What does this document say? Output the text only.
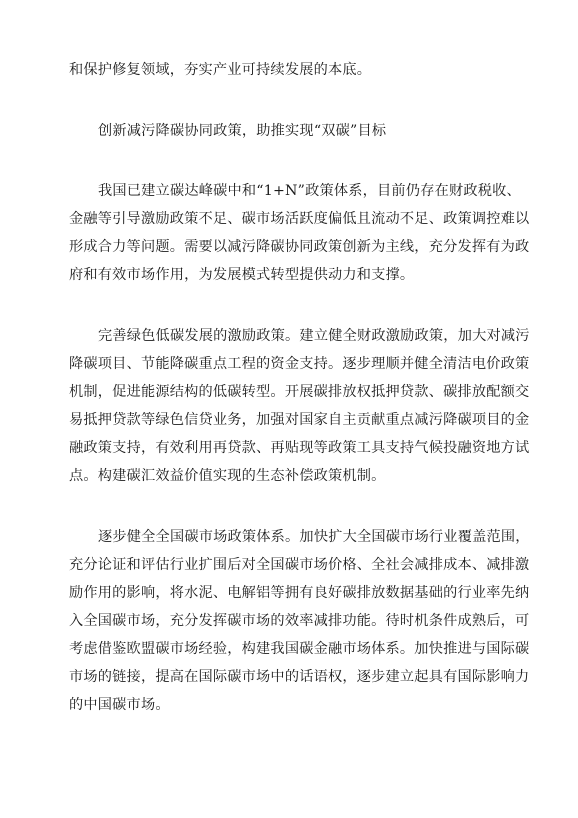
和保护修复领域，夯实产业可持续发展的本底。
创新减污降碳协同政策，助推实现“双碳”目标
我国已建立碳达峰碳中和“1+N”政策体系，目前仍存在财政税收、
金融等引导激励政策不足、碳市场活跃度偏低且流动不足、政策调控难以
形成合力等问题。需要以减污降碳协同政策创新为主线，充分发挥有为政
府和有效市场作用，为发展模式转型提供动力和支撑。
完善绿色低碳发展的激励政策。建立健全财政激励政策，加大对减污
降碳项目、节能降碳重点工程的资金支持。逐步理顺并健全清洁电价政策
机制，促进能源结构的低碳转型。开展碳排放权抵押贷款、碳排放配额交
易抵押贷款等绿色信贷业务，加强对国家自主贡献重点减污降碳项目的金
融政策支持，有效利用再贷款、再贴现等政策工具支持气候投融资地方试
点。构建碳汇效益价值实现的生态补偿政策机制。
逐步健全全国碳市场政策体系。加快扩大全国碳市场行业覆盖范围，
充分论证和评估行业扩围后对全国碳市场价格、全社会减排成本、减排激
励作用的影响，将水泥、电解铝等拥有良好碳排放数据基础的行业率先纳
入全国碳市场，充分发挥碳市场的效率减排功能。待时机条件成熟后，可
考虑借鉴欧盟碳市场经验，构建我国碳金融市场体系。加快推进与国际碳
市场的链接，提高在国际碳市场中的话语权，逐步建立起具有国际影响力
的中国碳市场。
